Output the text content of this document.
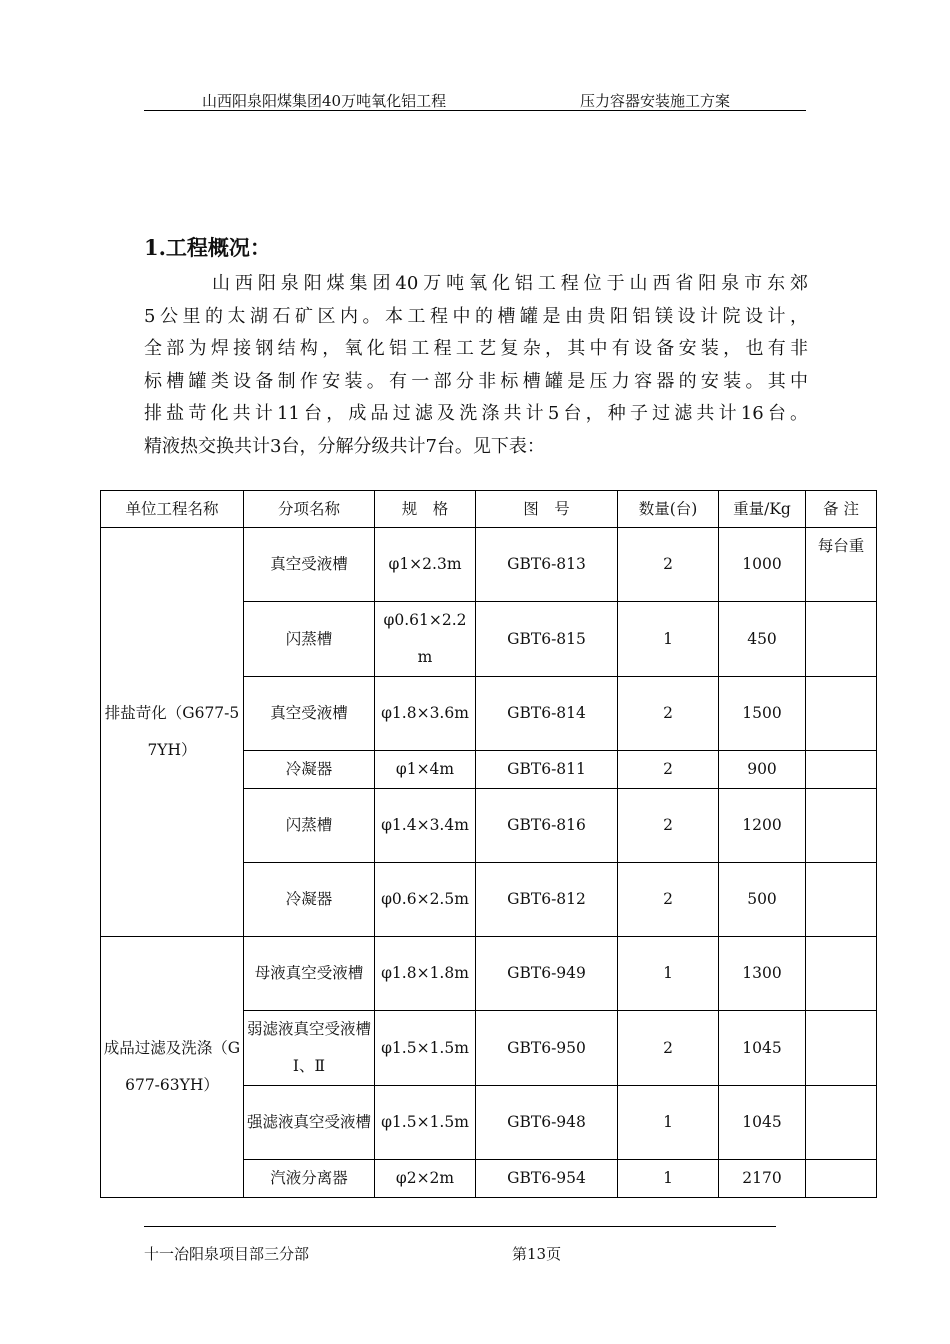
山西阳泉阳煤集团40万吨氧化铝工程	压力容器安装施工方案
1.工程概况：
山西阳泉阳煤集团40万吨氧化铝工程位于山西省阳泉市东郊
5公里的太湖石矿区内。本工程中的槽罐是由贵阳铝镁设计院设计，
全部为焊接钢结构，氧化铝工程工艺复杂，其中有设备安装，也有非
标槽罐类设备制作安装。有一部分非标槽罐是压力容器的安装。其中
排盐苛化共计11台，成品过滤及洗涤共计5台，种子过滤共计16台。
精液热交换共计3台，分解分级共计7台。见下表：
单位工程名称	分项名称	规　格	图　号	数量(台)	重量/Kg	备 注
排盐苛化（G677-57YH）	真空受液槽	φ1×2.3m	GBT6-813	2	1000	每台重
	闪蒸槽	φ0.61×2.2m	GBT6-815	1	450	
	真空受液槽	φ1.8×3.6m	GBT6-814	2	1500	
	冷凝器	φ1×4m	GBT6-811	2	900	
	闪蒸槽	φ1.4×3.4m	GBT6-816	2	1200	
	冷凝器	φ0.6×2.5m	GBT6-812	2	500	
成品过滤及洗涤（G677-63YH）	母液真空受液槽	φ1.8×1.8m	GBT6-949	1	1300	
	弱滤液真空受液槽Ⅰ、Ⅱ	φ1.5×1.5m	GBT6-950	2	1045	
	强滤液真空受液槽	φ1.5×1.5m	GBT6-948	1	1045	
	汽液分离器	φ2×2m	GBT6-954	1	2170	
十一冶阳泉项目部三分部	第13页
